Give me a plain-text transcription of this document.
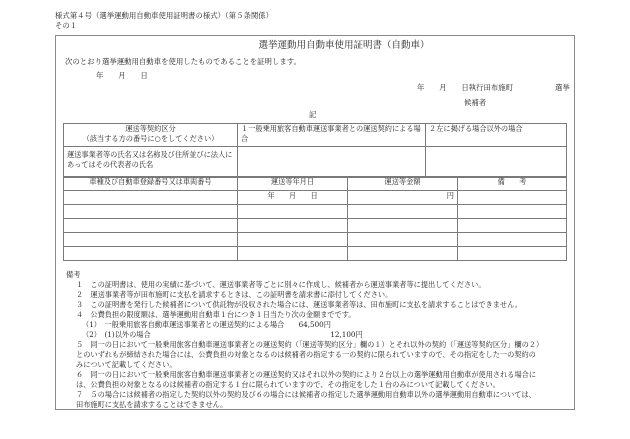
様式第４号（選挙運動用自動車使用証明書の様式）（第５条関係）
その１
選挙運動用自動車使用証明書（自動車）
次のとおり選挙運動用自動車を使用したものであることを証明します。
年　　月　　日
年　　月　　日執行田布施町	選挙
候補者
記
運送等契約区分
（該当する方の番号に○をしてください）	１一般乗用旅客自動車運送事業者との運送契約による場合	２左に掲げる場合以外の場合
運送事業者等の氏名又は名称及び住所並びに法人にあってはその代表者の氏名		
車種及び自動車登録番号又は車両番号	運送等年月日	運送等金額	備　　考
	年　　月　　日	円	

備考
１　この証明書は、使用の実績に基づいて、運送事業者等ごとに別々に作成し、候補者から運送事業者等に提出してください。
２　運送事業者等が田布施町に支払を請求するときは、この証明書を請求書に添付してください。
３　この証明書を発行した候補者について供託物が没収された場合には、運送事業者等は、田布施町に支払を請求することはできません。
４　公費負担の限度額は、選挙運動用自動車１台につき１日当たり次の金額までです。
（1）　一般乗用旅客自動車運送事業者との運送契約による場合　　64,500円
（2）　(1)以外の場合　　　　　　　　　　　　　　　　　　　　　　　　　12,100円
５　同一の日において一般乗用旅客自動車運送事業者との運送契約（「運送等契約区分」欄の１）とそれ以外の契約（「運送等契約区分」欄の２）
とのいずれもが締結された場合には、公費負担の対象となるのは候補者の指定する一の契約に限られていますので、その指定をした一の契約の
みについて記載してください。
６　同一の日において一般乗用旅客自動車運送事業者との運送契約又はそれ以外の契約により２台以上の選挙運動用自動車が使用される場合に
は、公費負担の対象となるのは候補者の指定する１台に限られていますので、その指定をした１台のみについて記載してください。
７　５の場合には候補者の指定した契約以外の契約及び６の場合には候補者の指定した選挙運動用自動車以外の選挙運動用自動車については、
田布施町に支払を請求することはできません。
